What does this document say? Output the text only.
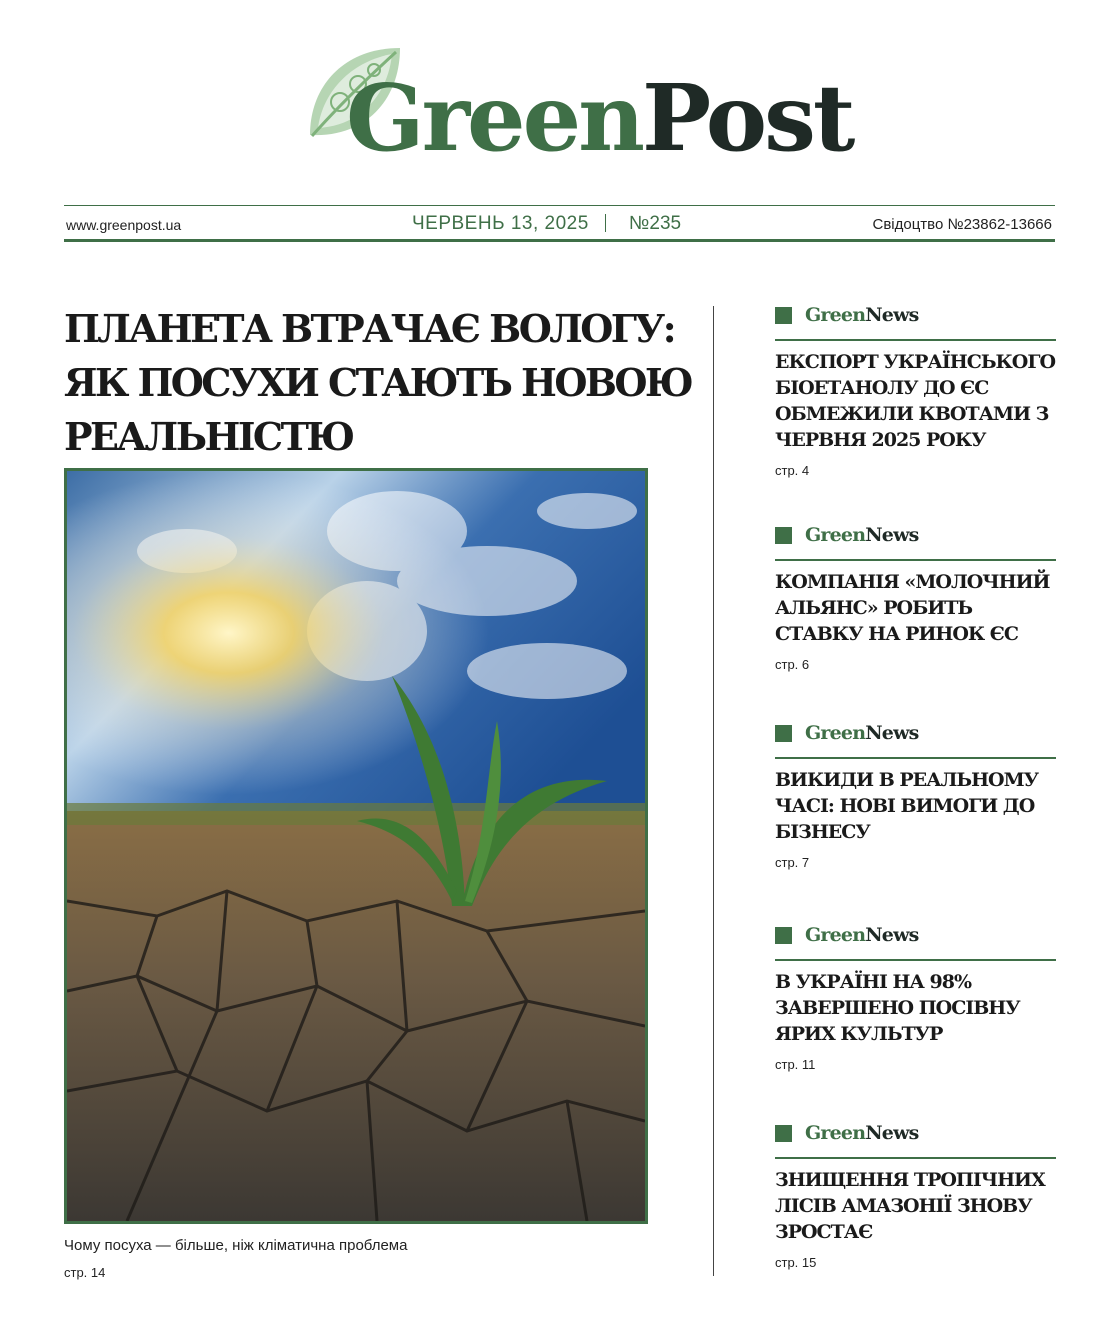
GreenPost
www.greenpost.ua	ЧЕРВЕНЬ 13, 2025 №235	Свідоцтво №23862-13666
ПЛАНЕТА ВТРАЧАЄ ВОЛОГУ: ЯК ПОСУХИ СТАЮТЬ НОВОЮ РЕАЛЬНІСТЮ
Чому посуха — більше, ніж кліматична проблема
стр. 14
GreenNews
ЕКСПОРТ УКРАЇНСЬКОГО БІОЕТАНОЛУ ДО ЄС ОБМЕЖИЛИ КВОТАМИ З ЧЕРВНЯ 2025 РОКУ
стр. 4
GreenNews
КОМПАНІЯ «МОЛОЧНИЙ АЛЬЯНС» РОБИТЬ СТАВКУ НА РИНОК ЄС
стр. 6
GreenNews
ВИКИДИ В РЕАЛЬНОМУ ЧАСІ: НОВІ ВИМОГИ ДО БІЗНЕСУ
стр. 7
GreenNews
В УКРАЇНІ НА 98% ЗАВЕРШЕНО ПОСІВНУ ЯРИХ КУЛЬТУР
стр. 11
GreenNews
ЗНИЩЕННЯ ТРОПІЧНИХ ЛІСІВ АМАЗОНІЇ ЗНОВУ ЗРОСТАЄ
стр. 15
